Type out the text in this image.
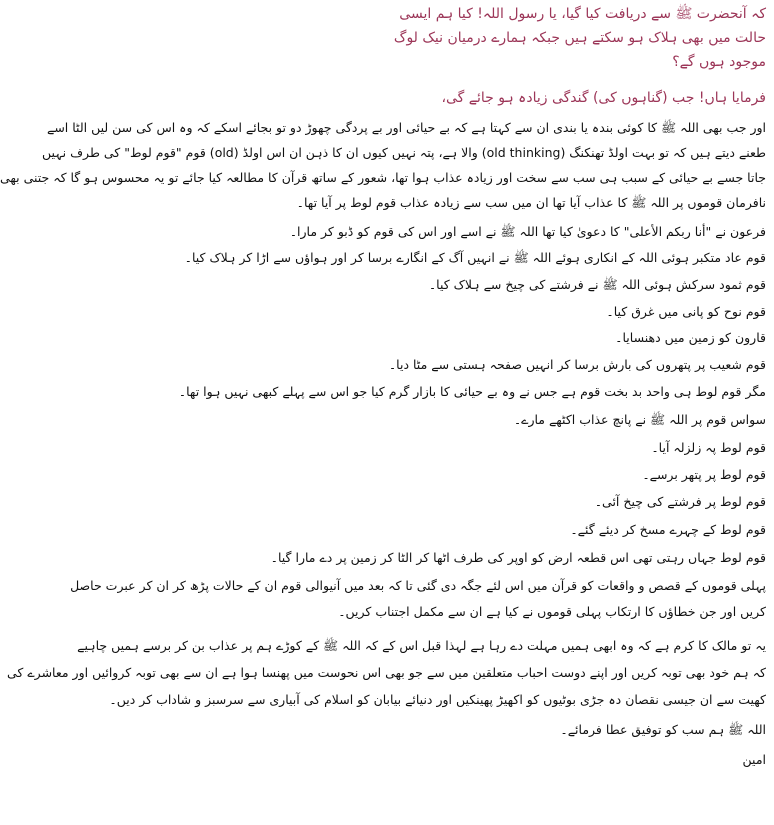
کہ آنحضرت ﷺ سے دریافت کیا گیا، یا رسول اللہ! کیا ہم ایسی
حالت میں بھی ہلاک ہو سکتے ہیں جبکہ ہمارے درمیان نیک لوگ
موجود ہوں گے؟
فرمایا ہاں! جب (گناہوں کی) گندگی زیادہ ہو جائے گی،
اور جب بھی اللہ ﷺ کا کوئی بندہ یا بندی ان سے کہتا ہے کہ بے حیائی اور بے پردگی چھوڑ دو تو بجائے اسکے کہ وہ اس کی سن لیں الٹا اسے
طعنے دیتے ہیں کہ تو بہت اولڈ تھنکنگ (old thinking) والا ہے، پتہ نہیں کیوں ان کا ذہن ان اس اولڈ (old) قوم "قوم لوط" کی طرف نہیں
جاتا جسے بے حیائی کے سبب ہی سب سے سخت اور زیادہ عذاب ہوا تھا، شعور کے ساتھ قرآن کا مطالعہ کیا جائے تو یہ محسوس ہو گا کہ جتنی بھی
نافرمان قوموں پر اللہ ﷺ کا عذاب آیا تھا ان میں سب سے زیادہ عذاب قوم لوط پر آیا تھا۔
فرعون نے "أنا ربكم الأعلى" کا دعویٰ کیا تھا اللہ ﷺ نے اسے اور اس کی قوم کو ڈبو کر مارا۔
قوم عاد متکبر ہوئی اللہ کے انکاری ہوئے اللہ ﷺ نے انہیں آگ کے انگارے برسا کر اور ہواؤں سے اڑا کر ہلاک کیا۔
قوم ثمود سرکش ہوئی اللہ ﷺ نے فرشتے کی چیخ سے ہلاک کیا۔
قوم نوح کو پانی میں غرق کیا۔
قارون کو زمین میں دھنسایا۔
قوم شعیب پر پتھروں کی بارش برسا کر انہیں صفحہ ہستی سے مٹا دیا۔
مگر قوم لوط ہی واحد بد بخت قوم ہے جس نے وہ بے حیائی کا بازار گرم کیا جو اس سے پہلے کبھی نہیں ہوا تھا۔
سواس قوم پر اللہ ﷺ نے پانچ عذاب اکٹھے مارے۔
قوم لوط پہ زلزلہ آیا۔
قوم لوط پر پتھر برسے۔
قوم لوط پر فرشتے کی چیخ آئی۔
قوم لوط کے چہرے مسخ کر دیئے گئے۔
قوم لوط جہاں رہتی تھی اس قطعہ ارض کو اوپر کی طرف اٹھا کر الٹا کر زمین پر دے مارا گیا۔
پہلی قوموں کے قصص و واقعات کو قرآن میں اس لئے جگہ دی گئی تا کہ بعد میں آنیوالی قوم ان کے حالات پڑھ کر ان کر عبرت حاصل
کریں اور جن خطاؤں کا ارتکاب پہلی قوموں نے کیا ہے ان سے مکمل اجتناب کریں۔
یہ تو مالک کا کرم ہے کہ وہ ابھی ہمیں مہلت دے رہا ہے لہذا قبل اس کے کہ اللہ ﷺ کے کوڑے ہم پر عذاب بن کر برسے ہمیں چاہیے
کہ ہم خود بھی توبہ کریں اور اپنے دوست احباب متعلقین میں سے جو بھی اس نحوست میں پھنسا ہوا ہے ان سے بھی توبہ کروائیں اور معاشرے کی
کھیت سے ان جیسی نقصان دہ جڑی بوٹیوں کو اکھیڑ پھینکیں اور دنیائے بیابان کو اسلام کی آبیاری سے سرسبز و شاداب کر دیں۔
اللہ ﷺ ہم سب کو توفیق عطا فرمائے۔
امین
